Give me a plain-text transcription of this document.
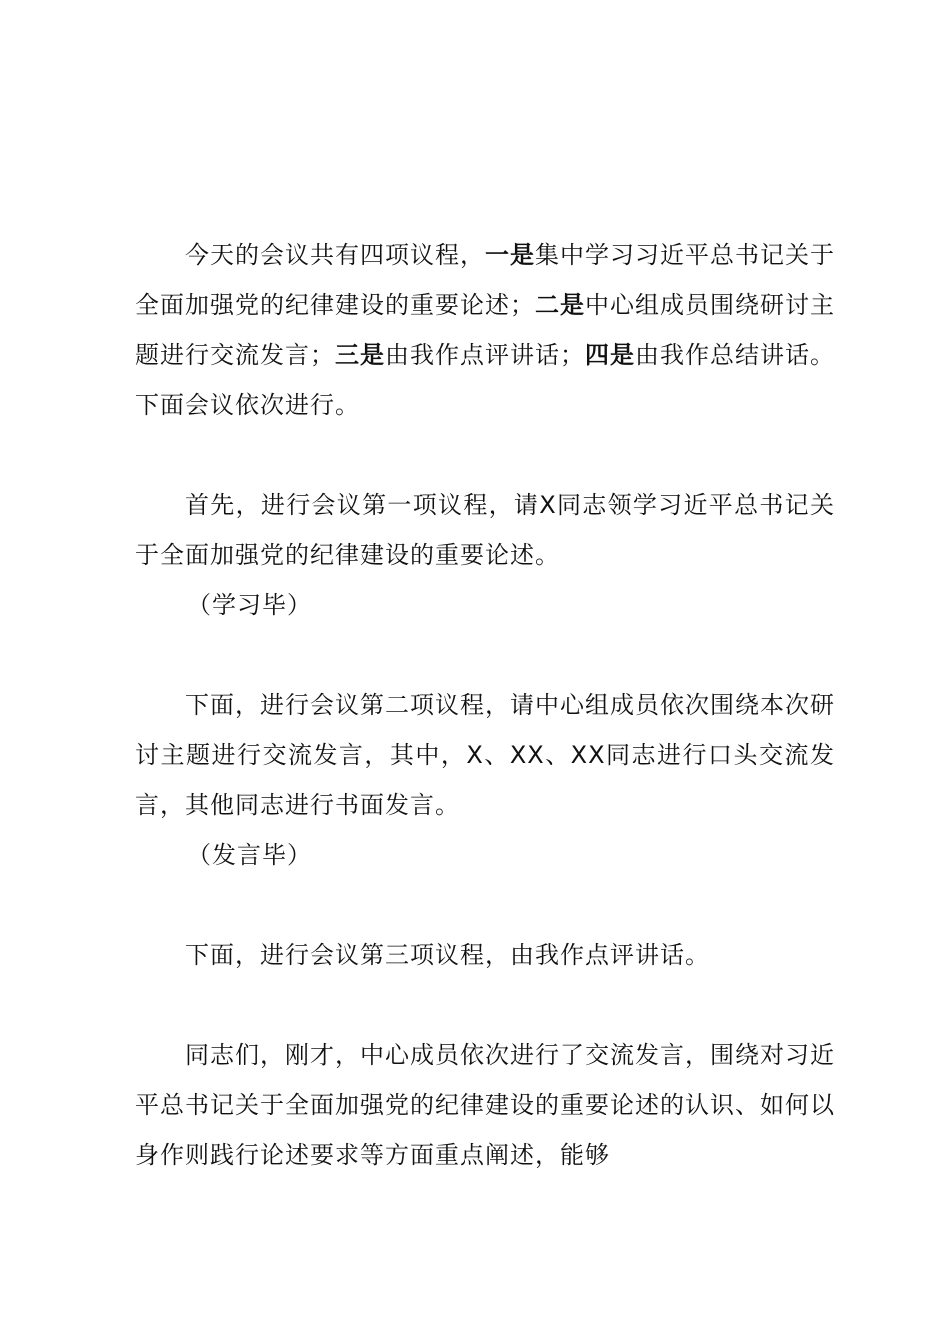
今天的会议共有四项议程，一是集中学习习近平总书记关于全面加强党的纪律建设的重要论述；二是中心组成员围绕研讨主题进行交流发言；三是由我作点评讲话；四是由我作总结讲话。下面会议依次进行。

首先，进行会议第一项议程，请X同志领学习近平总书记关于全面加强党的纪律建设的重要论述。

（学习毕）

下面，进行会议第二项议程，请中心组成员依次围绕本次研讨主题进行交流发言，其中，X、XX、XX同志进行口头交流发言，其他同志进行书面发言。

（发言毕）

下面，进行会议第三项议程，由我作点评讲话。

同志们，刚才，中心成员依次进行了交流发言，围绕对习近平总书记关于全面加强党的纪律建设的重要论述的认识、如何以身作则践行论述要求等方面重点阐述，能够
